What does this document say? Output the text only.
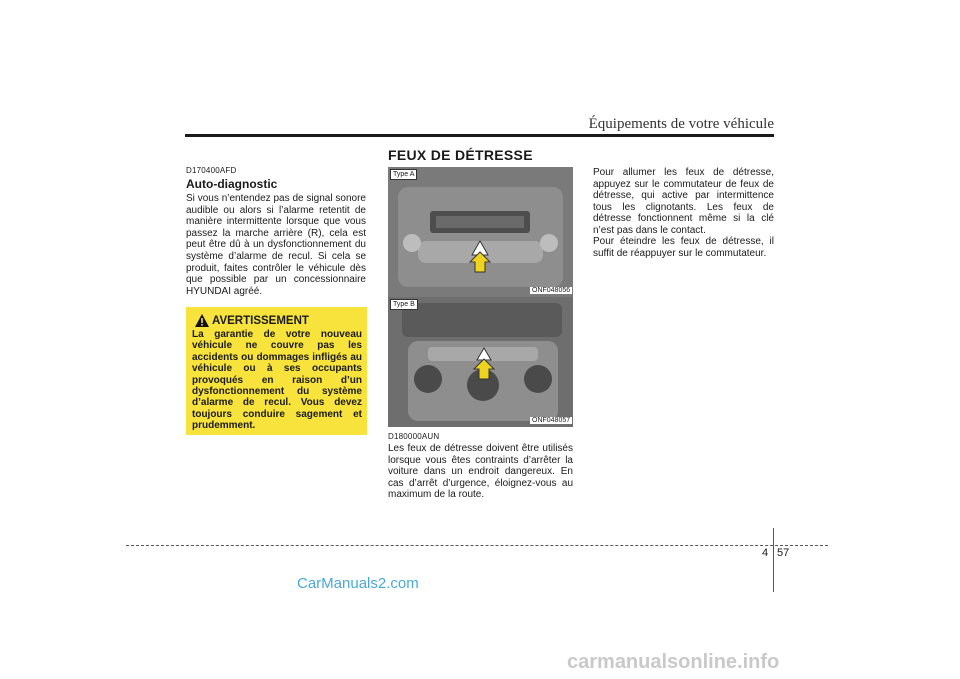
Équipements de votre véhicule
D170400AFD
Auto-diagnostic
Si vous n’entendez pas de signal sonore audible ou alors si l’alarme retentit de manière intermittente lorsque que vous passez la marche arrière (R), cela est peut être dû à un dysfonctionnement du système d’alarme de recul. Si cela se produit, faites contrôler le véhicule dès que possible par un concessionnaire HYUNDAI agréé.
AVERTISSEMENT
La garantie de votre nouveau véhicule ne couvre pas les accidents ou dommages infligés au véhicule ou à ses occupants provoqués en raison d’un dysfonctionnement du système d’alarme de recul. Vous devez toujours conduire sagement et prudemment.
FEUX DE DÉTRESSE
Type A
ONF048056
Type B
ONF048057
D180000AUN
Les feux de détresse doivent être utilisés lorsque vous êtes contraints d’arrêter la voiture dans un endroit dangereux. En cas d’arrêt d’urgence, éloignez-vous au maximum de la route.
Pour allumer les feux de détresse, appuyez sur le commutateur de feux de détresse, qui active par intermittence tous les clignotants. Les feux de détresse fonctionnent même si la clé n’est pas dans le contact.
Pour éteindre les feux de détresse, il suffit de réappuyer sur le commutateur.
4 57
CarManuals2.com
carmanualsonline.info
